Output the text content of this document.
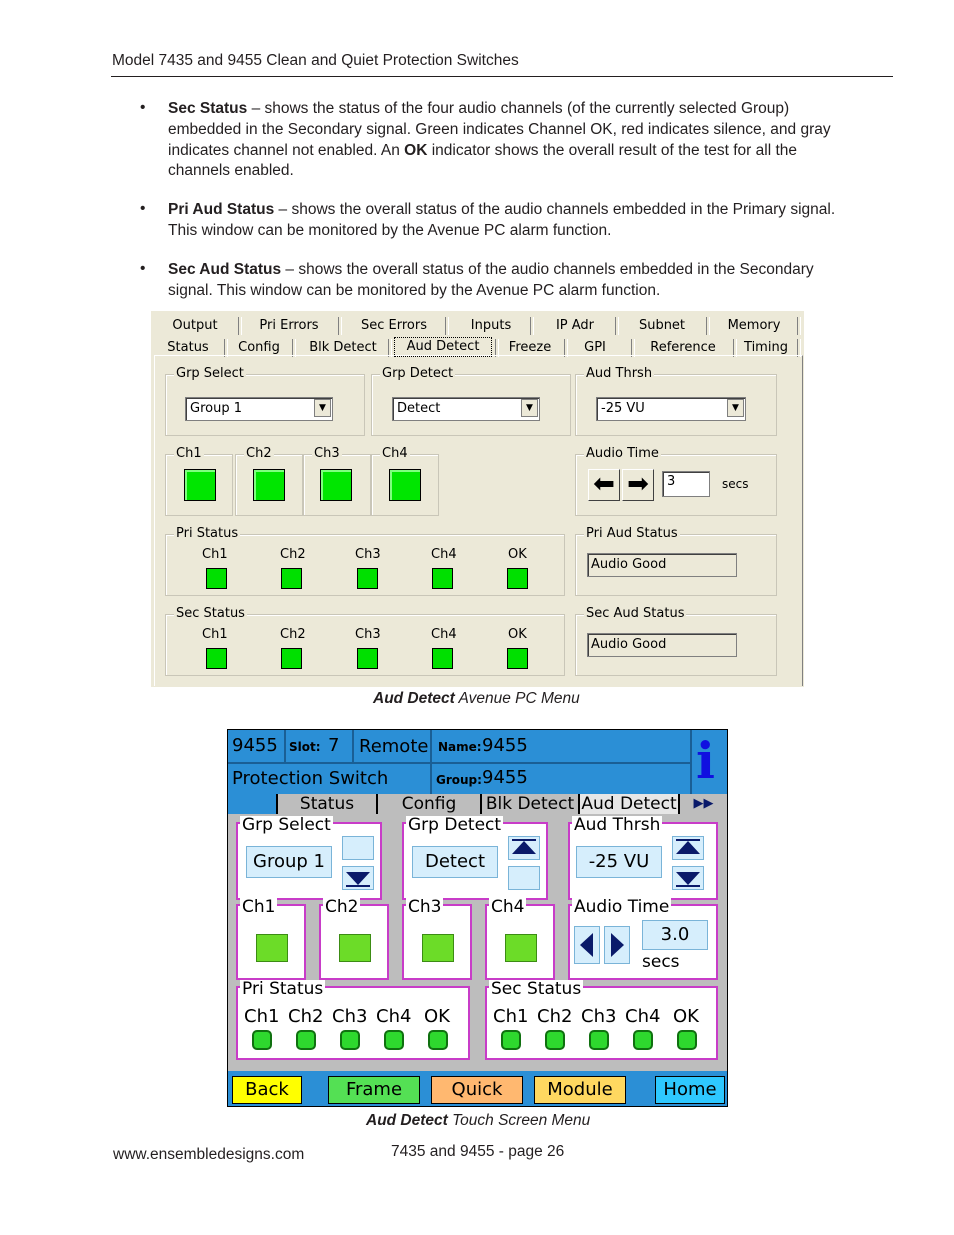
Model 7435 and 9455 Clean and Quiet Protection Switches
• Sec Status – shows the status of the four audio channels (of the currently selected Group) embedded in the Secondary signal. Green indicates Channel OK, red indicates silence, and gray indicates channel not enabled. An OK indicator shows the overall result of the test for all the channels enabled.
• Pri Aud Status – shows the overall status of the audio channels embedded in the Primary signal. This window can be monitored by the Avenue PC alarm function.
• Sec Aud Status – shows the overall status of the audio channels embedded in the Secondary signal. This window can be monitored by the Avenue PC alarm function.
Output	Pri Errors	Sec Errors	Inputs	IP Adr	Subnet	Memory
Status	Config	Blk Detect	Aud Detect	Freeze	GPI	Reference	Timing
Grp Select
Group 1	▼
Grp Detect
Detect	▼
Aud Thrsh
-25 VU	▼
Ch1	Ch2	Ch3	Ch4	Audio Time
⬅ ➡	3	secs
Pri Status
Ch1	Ch2	Ch3	Ch4	OK
Pri Aud Status
Audio Good
Sec Status
Ch1	Ch2	Ch3	Ch4	OK
Sec Aud Status
Audio Good
Aud Detect Avenue PC Menu
9455 Slot: 7 Remote Name: 9455
Protection Switch	Group: 9455	i
Status	Config	Blk Detect Aud Detect	▶▶
Grp Select
Group 1
Grp Detect
Detect
Aud Thrsh
-25 VU
Ch1	Ch2	Ch3	Ch4	Audio Time
3.0
secs
Pri Status
Ch1 Ch2 Ch3 Ch4 OK
Sec Status
Ch1 Ch2 Ch3 Ch4 OK
Back	Frame	Quick	Module	Home
Aud Detect Touch Screen Menu
www.ensembledesigns.com	7435 and 9455 - page 26
